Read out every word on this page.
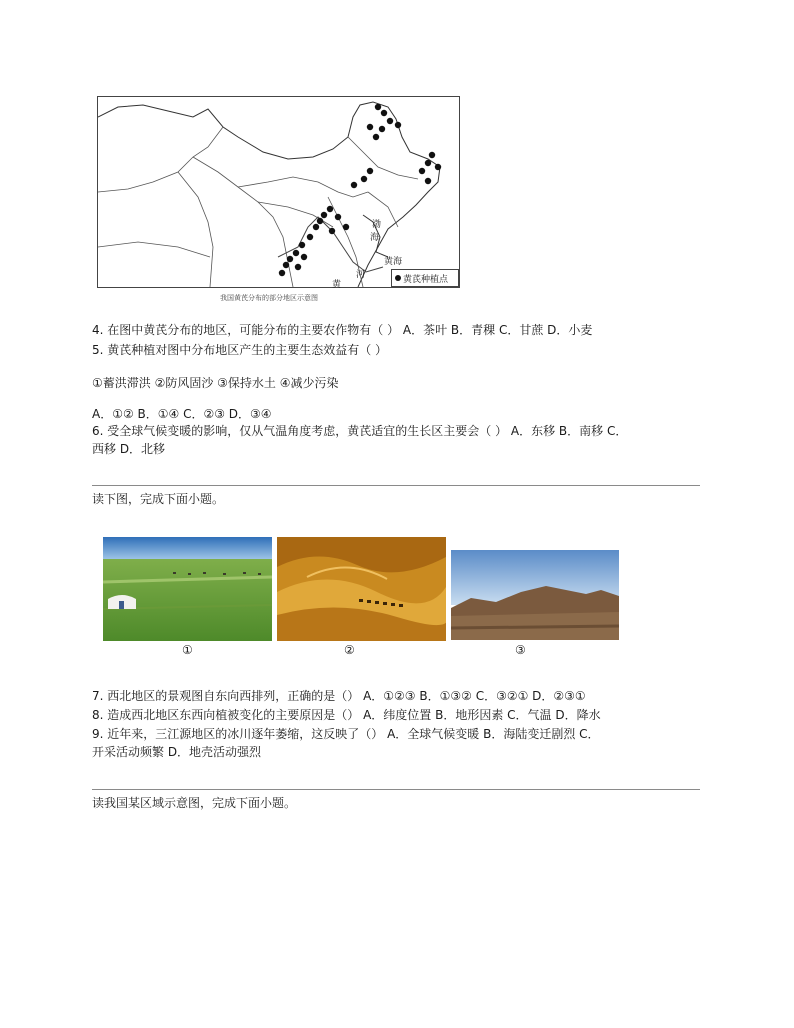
黄
河
渤
海
黄海
黄芪种植点
我国黄芪分布的部分地区示意图
4. 在图中黄芪分布的地区，可能分布的主要农作物有（ ） A．茶叶 B．青稞 C．甘蔗 D．小麦
5. 黄芪种植对图中分布地区产生的主要生态效益有（ ）
①蓄洪滞洪 ②防风固沙 ③保持水土 ④减少污染
A．①② B．①④ C．②③ D．③④
6. 受全球气候变暖的影响，仅从气温角度考虑，黄芪适宜的生长区主要会（ ） A．东移 B．南移 C．
西移 D．北移
读下图，完成下面小题。
①	②	③
7. 西北地区的景观图自东向西排列，正确的是（） A．①②③ B．①③② C．③②① D．②③①
8. 造成西北地区东西向植被变化的主要原因是（） A．纬度位置 B．地形因素 C．气温 D．降水
9. 近年来，三江源地区的冰川逐年萎缩，这反映了（） A．全球气候变暖 B．海陆变迁剧烈 C．
开采活动频繁 D．地壳活动强烈
读我国某区域示意图，完成下面小题。
